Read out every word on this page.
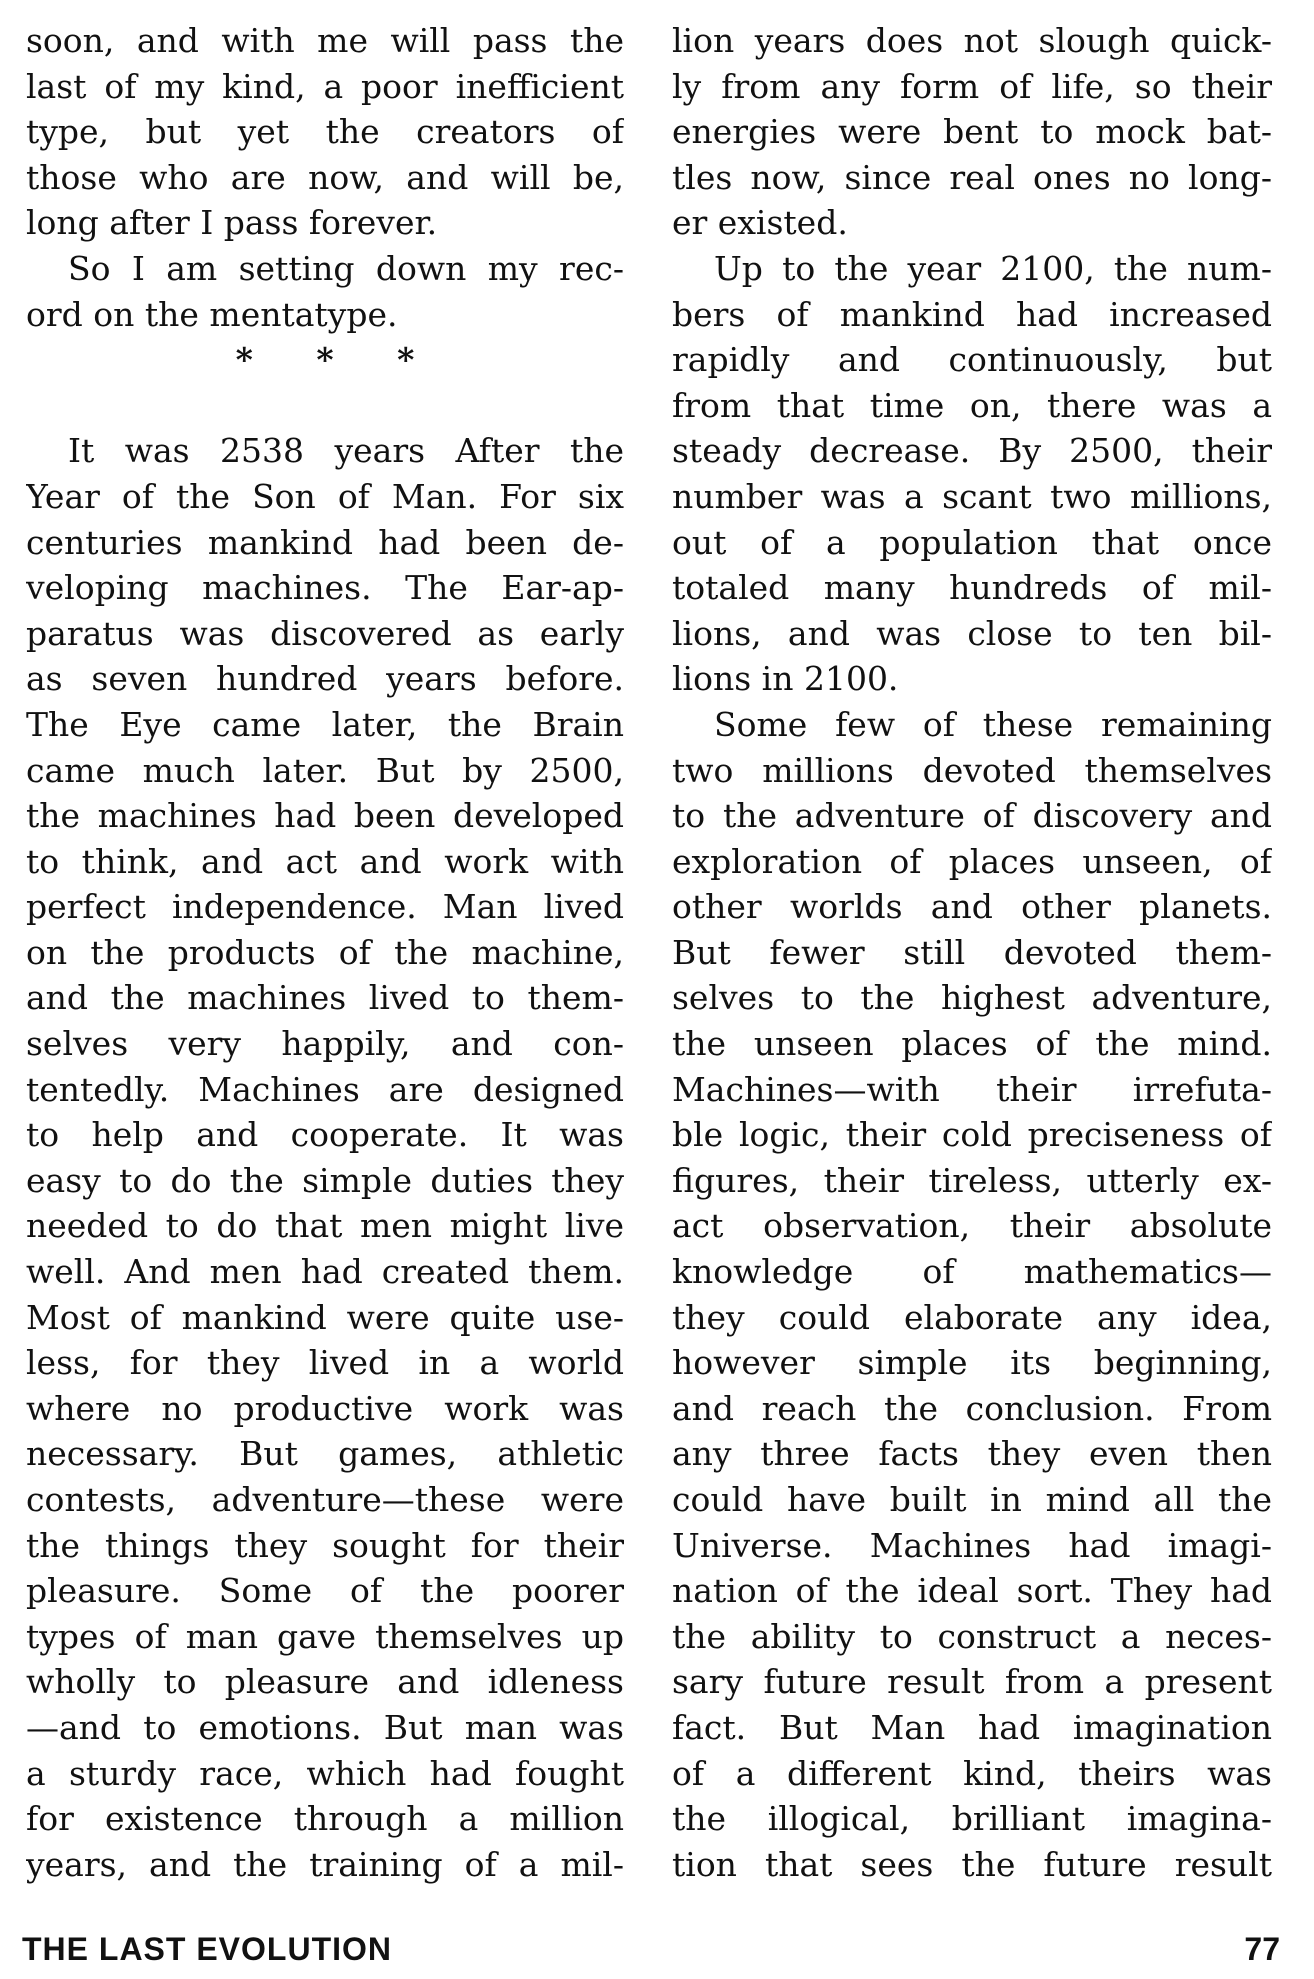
soon, and with me will pass the
last of my kind, a poor inefficient
type, but yet the creators of
those who are now, and will be,
long after I pass forever.
So I am setting down my rec-
ord on the mentatype.
* * *
It was 2538 years After the
Year of the Son of Man. For six
centuries mankind had been de-
veloping machines. The Ear-ap-
paratus was discovered as early
as seven hundred years before.
The Eye came later, the Brain
came much later. But by 2500,
the machines had been developed
to think, and act and work with
perfect independence. Man lived
on the products of the machine,
and the machines lived to them-
selves very happily, and con-
tentedly. Machines are designed
to help and cooperate. It was
easy to do the simple duties they
needed to do that men might live
well. And men had created them.
Most of mankind were quite use-
less, for they lived in a world
where no productive work was
necessary. But games, athletic
contests, adventure—these were
the things they sought for their
pleasure. Some of the poorer
types of man gave themselves up
wholly to pleasure and idleness
—and to emotions. But man was
a sturdy race, which had fought
for existence through a million
years, and the training of a mil-
lion years does not slough quick-
ly from any form of life, so their
energies were bent to mock bat-
tles now, since real ones no long-
er existed.
Up to the year 2100, the num-
bers of mankind had increased
rapidly and continuously, but
from that time on, there was a
steady decrease. By 2500, their
number was a scant two millions,
out of a population that once
totaled many hundreds of mil-
lions, and was close to ten bil-
lions in 2100.
Some few of these remaining
two millions devoted themselves
to the adventure of discovery and
exploration of places unseen, of
other worlds and other planets.
But fewer still devoted them-
selves to the highest adventure,
the unseen places of the mind.
Machines—with their irrefuta-
ble logic, their cold preciseness of
figures, their tireless, utterly ex-
act observation, their absolute
knowledge of mathematics—
they could elaborate any idea,
however simple its beginning,
and reach the conclusion. From
any three facts they even then
could have built in mind all the
Universe. Machines had imagi-
nation of the ideal sort. They had
the ability to construct a neces-
sary future result from a present
fact. But Man had imagination
of a different kind, theirs was
the illogical, brilliant imagina-
tion that sees the future result
THE LAST EVOLUTION	77
